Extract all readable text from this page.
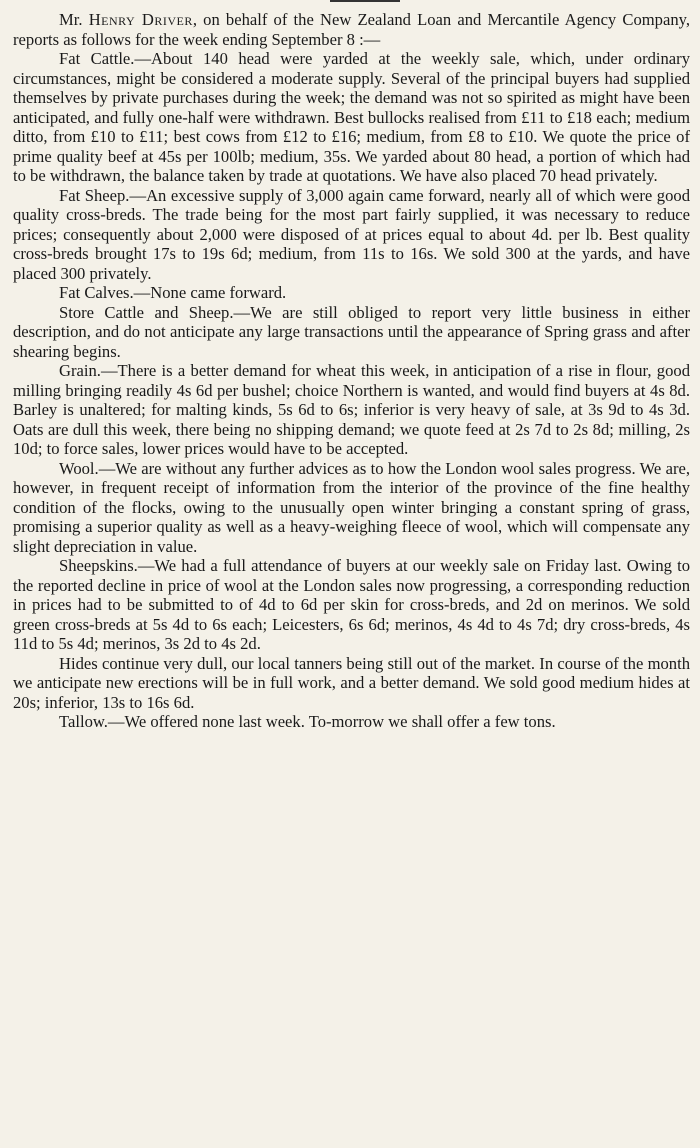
Mr. Henry Driver, on behalf of the New Zealand Loan and Mercantile Agency Company, reports as follows for the week ending September 8 :—

Fat Cattle.—About 140 head were yarded at the weekly sale, which, under ordinary circumstances, might be considered a moderate supply. Several of the principal buyers had supplied themselves by private purchases during the week; the demand was not so spirited as might have been anticipated, and fully one-half were withdrawn. Best bullocks realised from £11 to £18 each; medium ditto, from £10 to £11; best cows from £12 to £16; medium, from £8 to £10. We quote the price of prime quality beef at 45s per 100lb; medium, 35s. We yarded about 80 head, a portion of which had to be withdrawn, the balance taken by trade at quotations. We have also placed 70 head privately.

Fat Sheep.—An excessive supply of 3,000 again came forward, nearly all of which were good quality cross-breds. The trade being for the most part fairly supplied, it was necessary to reduce prices; consequently about 2,000 were disposed of at prices equal to about 4d. per lb. Best quality cross-breds brought 17s to 19s 6d; medium, from 11s to 16s. We sold 300 at the yards, and have placed 300 privately.

Fat Calves.—None came forward.

Store Cattle and Sheep.—We are still obliged to report very little business in either description, and do not anticipate any large transactions until the appearance of Spring grass and after shearing begins.

Grain.—There is a better demand for wheat this week, in anticipation of a rise in flour, good milling bringing readily 4s 6d per bushel; choice Northern is wanted, and would find buyers at 4s 8d. Barley is unaltered; for malting kinds, 5s 6d to 6s; inferior is very heavy of sale, at 3s 9d to 4s 3d. Oats are dull this week, there being no shipping demand; we quote feed at 2s 7d to 2s 8d; milling, 2s 10d; to force sales, lower prices would have to be accepted.

Wool.—We are without any further advices as to how the London wool sales progress. We are, however, in frequent receipt of information from the interior of the province of the fine healthy condition of the flocks, owing to the unusually open winter bringing a constant spring of grass, promising a superior quality as well as a heavy-weighing fleece of wool, which will compensate any slight depreciation in value.

Sheepskins.—We had a full attendance of buyers at our weekly sale on Friday last. Owing to the reported decline in price of wool at the London sales now progressing, a corresponding reduction in prices had to be submitted to of 4d to 6d per skin for cross-breds, and 2d on merinos. We sold green cross-breds at 5s 4d to 6s each; Leicesters, 6s 6d; merinos, 4s 4d to 4s 7d; dry cross-breds, 4s 11d to 5s 4d; merinos, 3s 2d to 4s 2d.

Hides continue very dull, our local tanners being still out of the market. In course of the month we anticipate new erections will be in full work, and a better demand. We sold good medium hides at 20s; inferior, 13s to 16s 6d.

Tallow.—We offered none last week. To-morrow we shall offer a few tons.
